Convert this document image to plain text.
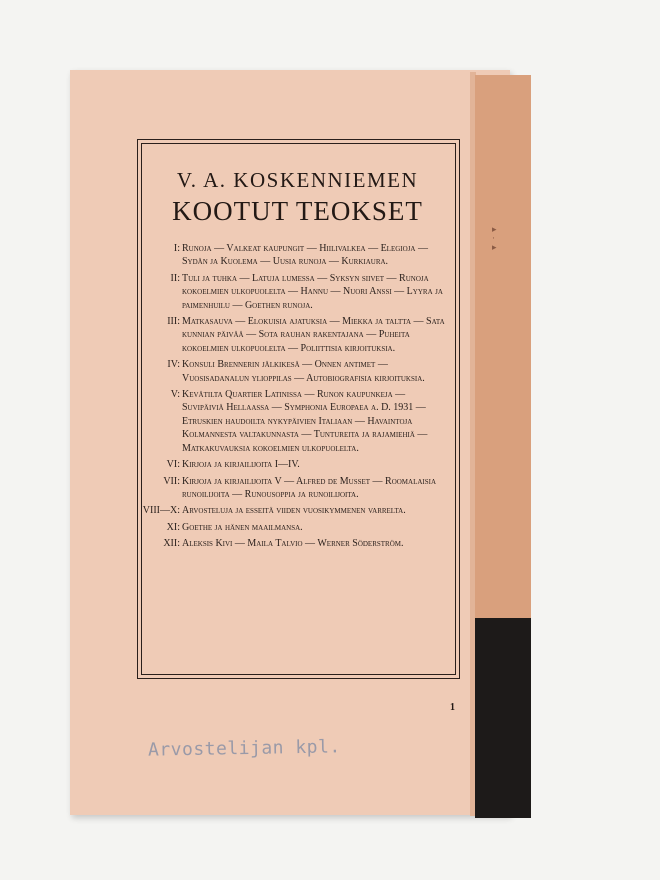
▸
·
▸
V. A. KOSKENNIEMEN
KOOTUT TEOKSET
I: Runoja — Valkeat kaupungit — Hiilivalkea — Elegioja — Sydän ja Kuolema — Uusia runoja — Kurkiaura.
II: Tuli ja tuhka — Latuja lumessa — Syksyn siivet — Runoja kokoelmien ulkopuolelta — Hannu — Nuori Anssi — Lyyra ja paimenhuilu — Goethen runoja.
III: Matkasauva — Elokuisia ajatuksia — Miekka ja taltta — Sata kunnian päivää — Sota rauhan rakentajana — Puheita kokoelmien ulkopuolelta — Poliittisia kirjoituksia.
IV: Konsuli Brennerin jälkikesä — Onnen antimet — Vuosisadanalun ylioppilas — Autobiografisia kirjoituksia.
V: Kevätilta Quartier Latinissa — Runon kaupunkeja — Suvipäiviä Hellaassa — Symphonia Europaea a. D. 1931 — Etruskien haudoilta nykypäivien Italiaan — Havaintoja Kolmannesta valtakunnasta — Tuntureita ja rajamiehiä — Matkakuvauksia kokoelmien ulkopuolelta.
VI: Kirjoja ja kirjailijoita I—IV.
VII: Kirjoja ja kirjailijoita V — Alfred de Musset — Roomalaisia runoilijoita — Runousoppia ja runoilijoita.
VIII—X: Arvosteluja ja esseitä viiden vuosikymmenen varrelta.
XI: Goethe ja hänen maailmansa.
XII: Aleksis Kivi — Maila Talvio — Werner Söderström.
1
Arvostelijan kpl.
